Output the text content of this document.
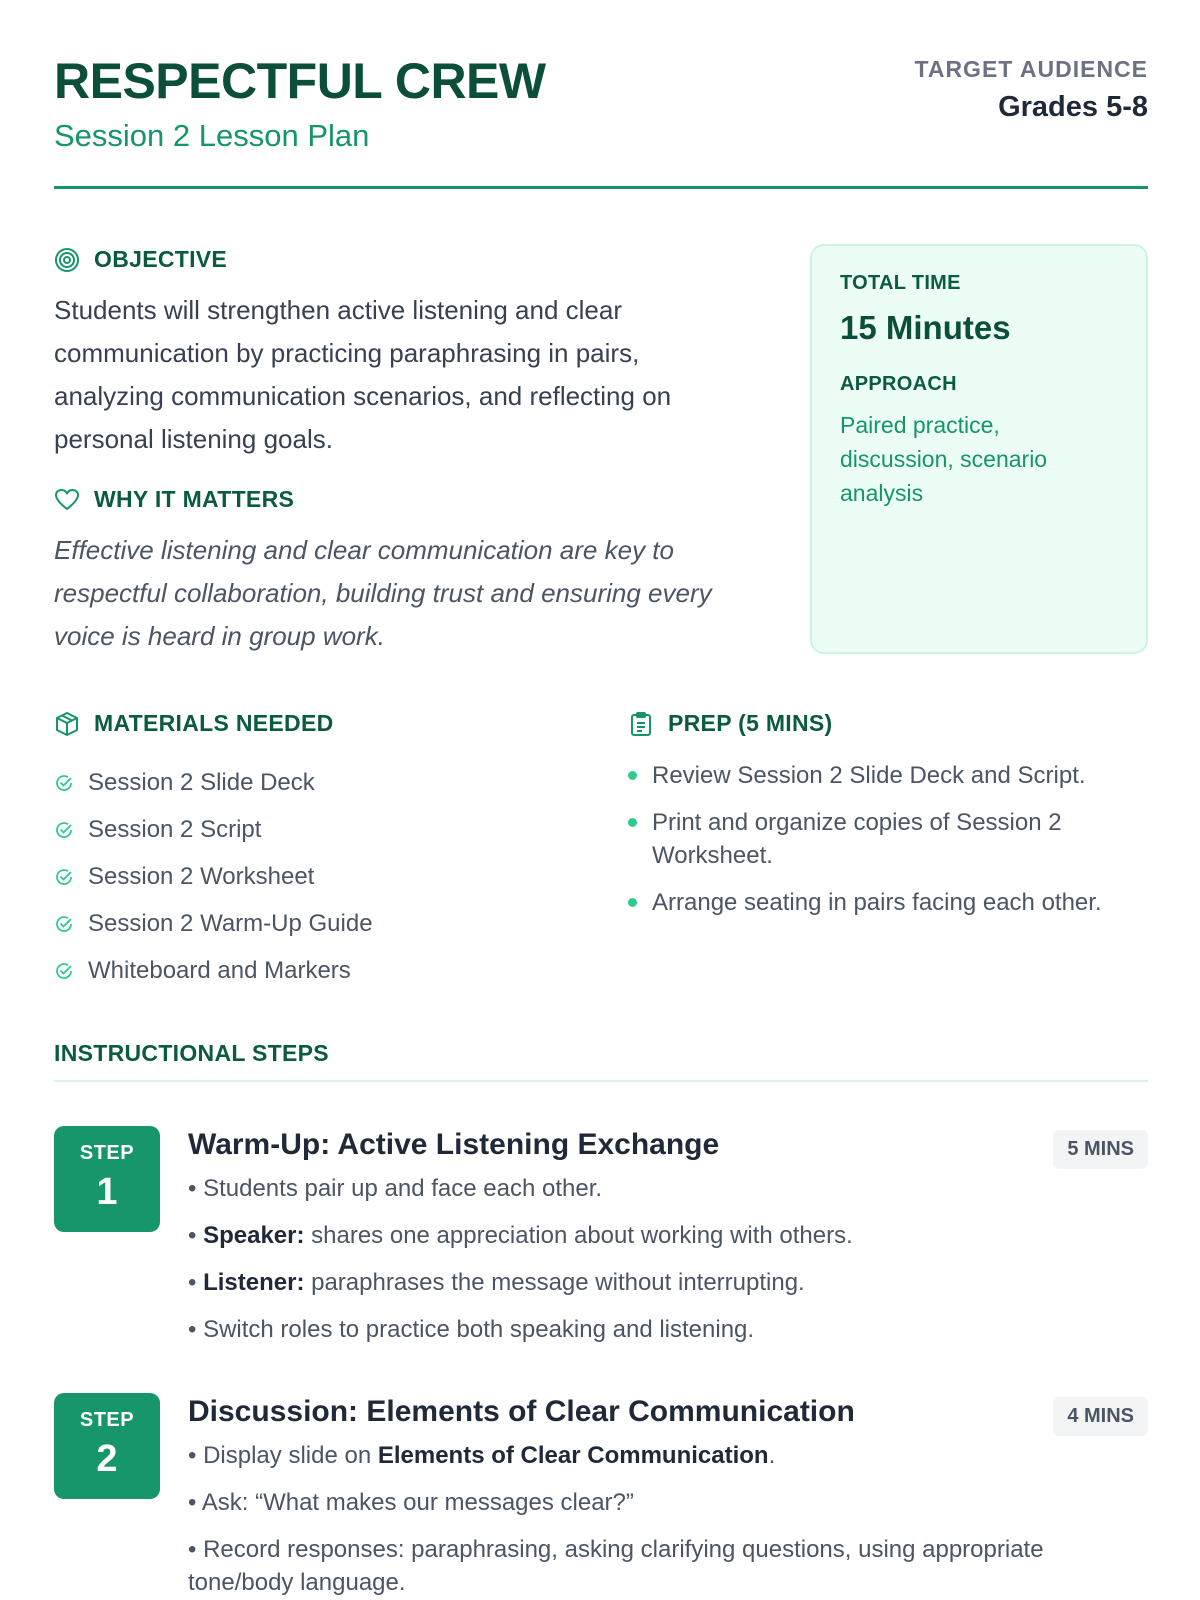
RESPECTFUL CREW
Session 2 Lesson Plan
TARGET AUDIENCE
Grades 5-8
OBJECTIVE
Students will strengthen active listening and clear communication by practicing paraphrasing in pairs, analyzing communication scenarios, and reflecting on personal listening goals.
WHY IT MATTERS
Effective listening and clear communication are key to respectful collaboration, building trust and ensuring every voice is heard in group work.
TOTAL TIME
15 Minutes
APPROACH
Paired practice, discussion, scenario analysis
MATERIALS NEEDED
Session 2 Slide Deck
Session 2 Script
Session 2 Worksheet
Session 2 Warm-Up Guide
Whiteboard and Markers
PREP (5 MINS)
Review Session 2 Slide Deck and Script.
Print and organize copies of Session 2 Worksheet.
Arrange seating in pairs facing each other.
INSTRUCTIONAL STEPS
STEP
1
Warm-Up: Active Listening Exchange	5 MINS
• Students pair up and face each other.
• Speaker: shares one appreciation about working with others.
• Listener: paraphrases the message without interrupting.
• Switch roles to practice both speaking and listening.
STEP
2
Discussion: Elements of Clear Communication	4 MINS
• Display slide on Elements of Clear Communication.
• Ask: “What makes our messages clear?”
• Record responses: paraphrasing, asking clarifying questions, using appropriate tone/body language.
